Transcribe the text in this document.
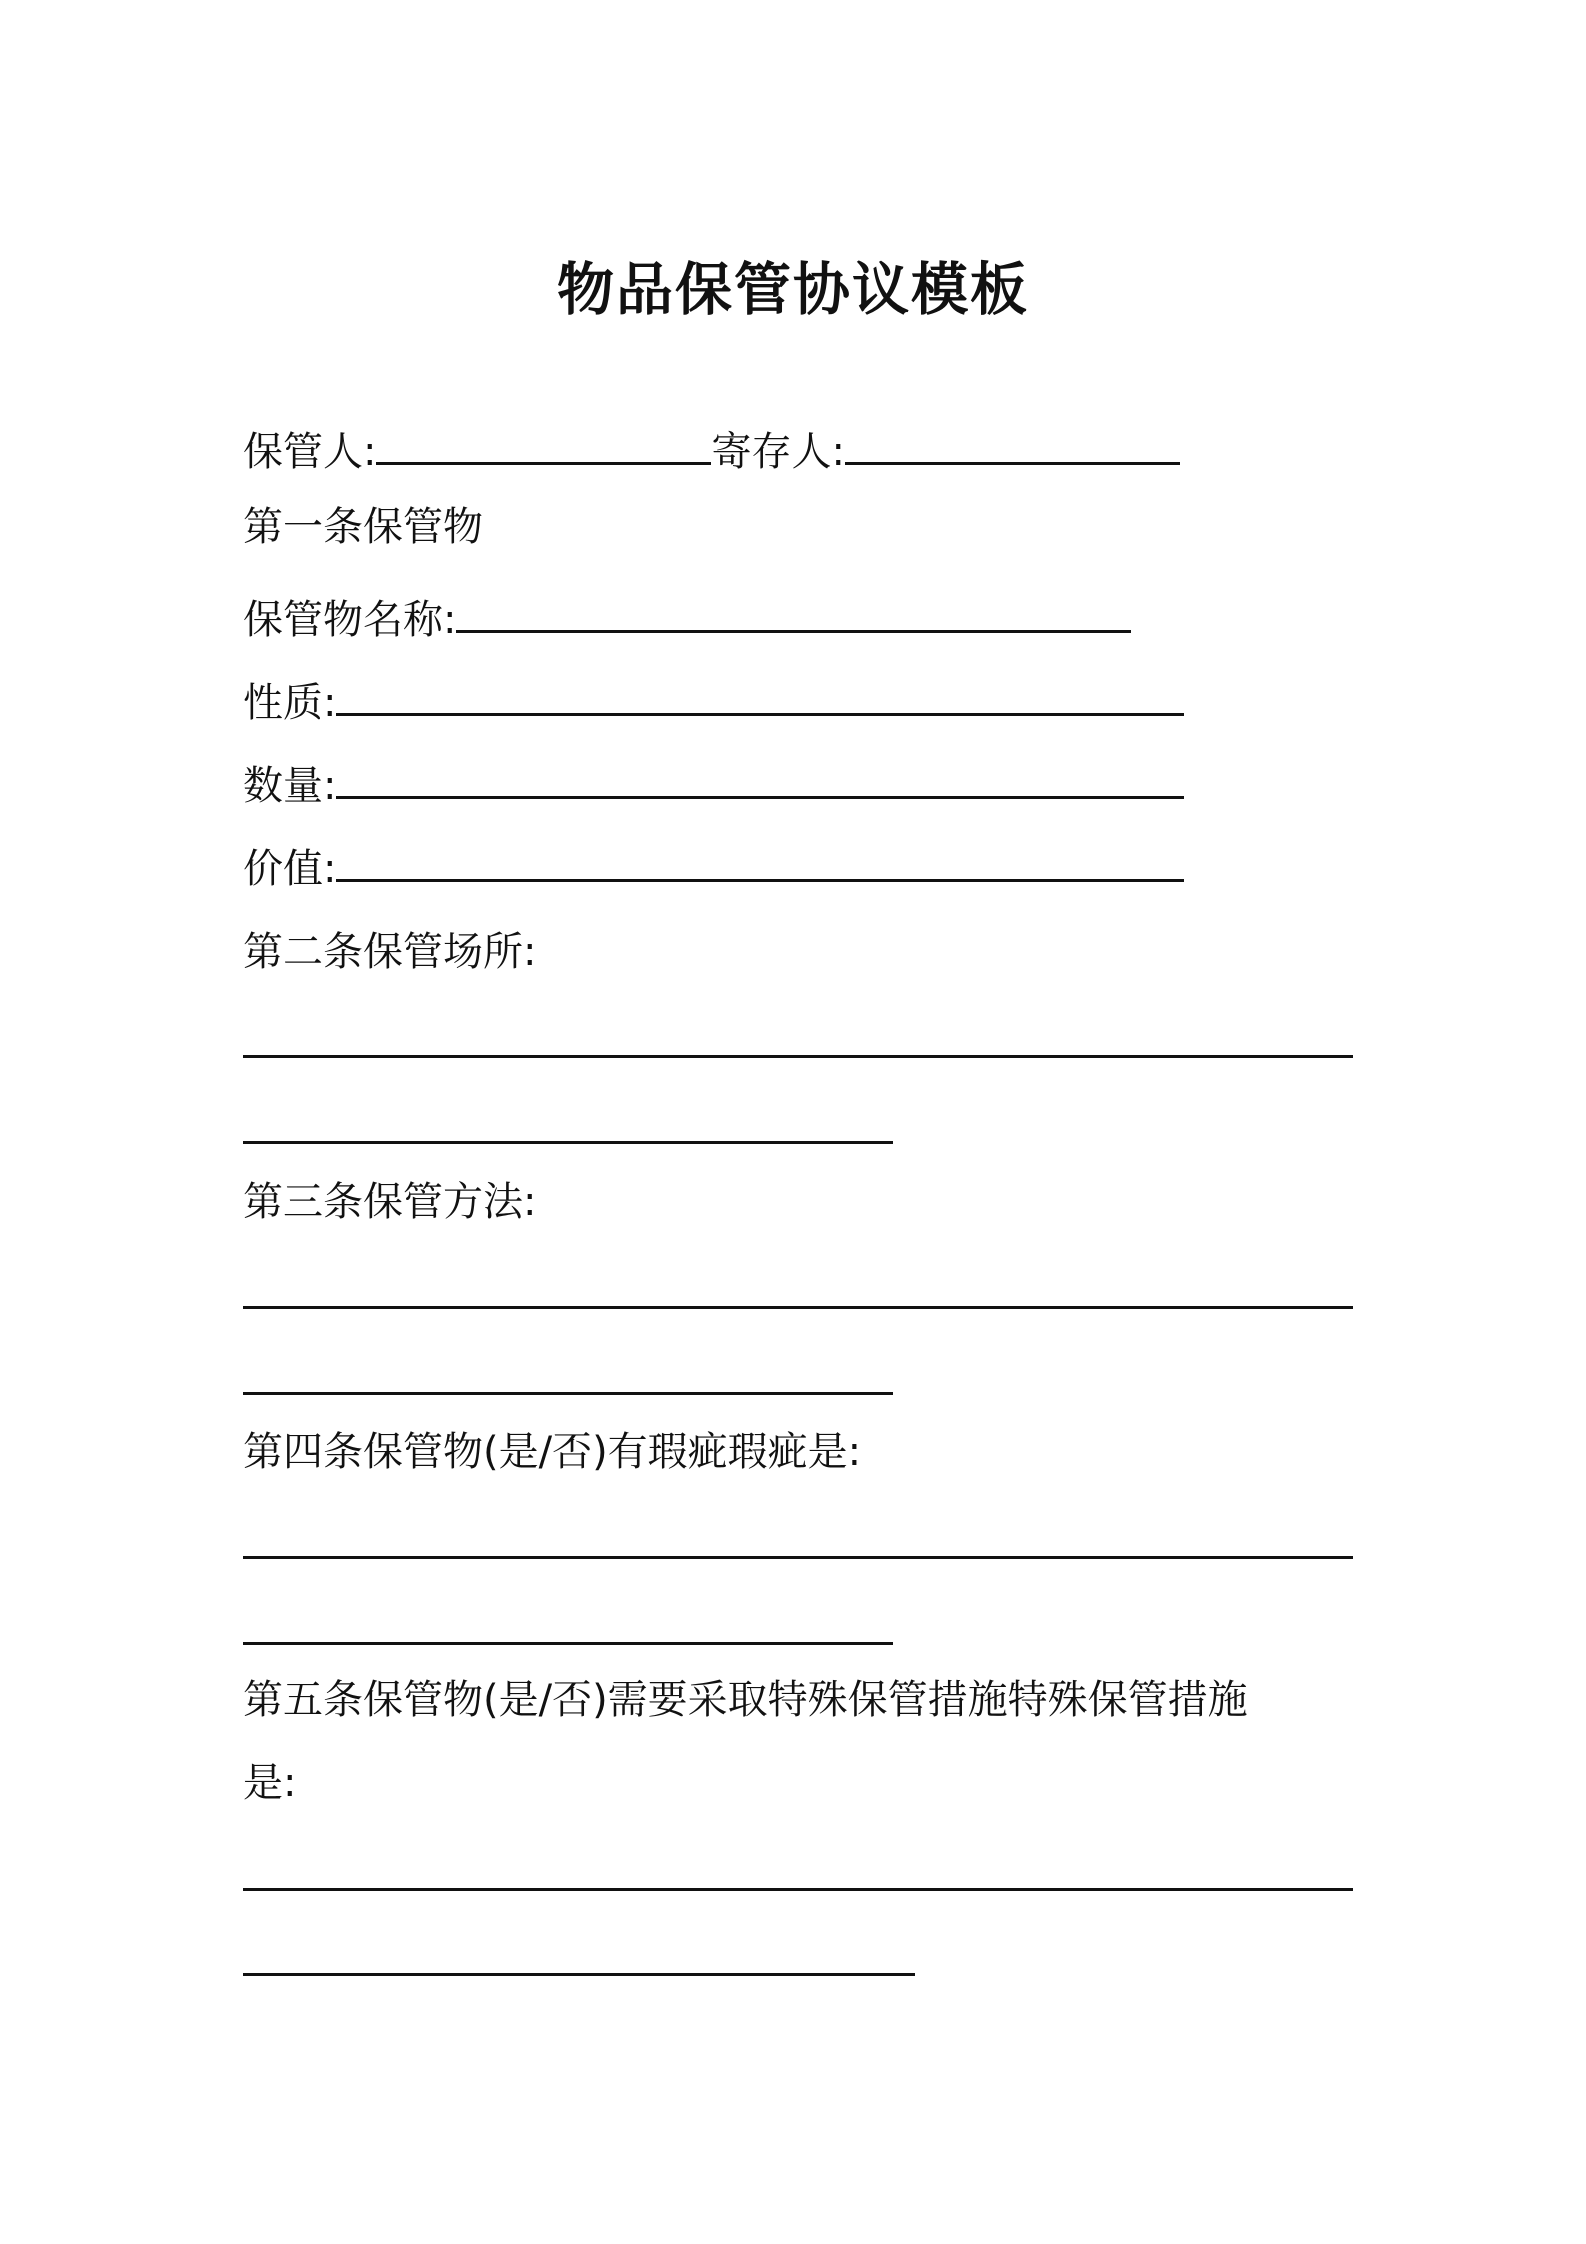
物品保管协议模板
保管人:	寄存人:
第一条保管物
保管物名称:
性质:
数量:
价值:
第二条保管场所:
第三条保管方法:
第四条保管物(是/否)有瑕疵瑕疵是:
第五条保管物(是/否)需要采取特殊保管措施特殊保管措施
是:
